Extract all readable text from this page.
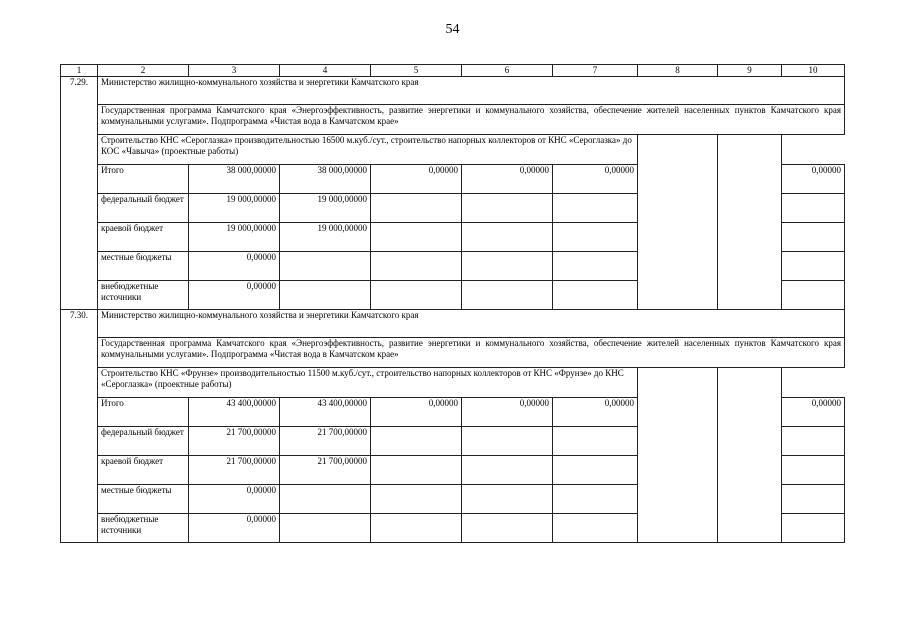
54
1	2	3	4	5	6	7	8	9	10
7.29.	Министерство жилищно-коммунального хозяйства и энергетики Камчатского края								
	Государственная программа Камчатского края «Энергоэффективность, развитие энергетики и коммунального хозяйства, обеспечение жителей населенных пунктов Камчатского края коммунальными услугами». Подпрограмма «Чистая вода в Камчатском крае»								
	Строительство КНС «Сероглазка» производительностью 16500 м.куб./сут., строительство напорных коллекторов от КНС «Сероглазка» до КОС «Чавыча» (проектные работы)								
	Итого	38 000,00000	38 000,00000	0,00000	0,00000	0,00000			0,00000
	федеральный бюджет	19 000,00000	19 000,00000						
	краевой бюджет	19 000,00000	19 000,00000						
	местные бюджеты	0,00000							
	внебюджетные источники	0,00000							
7.30.	Министерство жилищно-коммунального хозяйства и энергетики Камчатского края								
	Государственная программа Камчатского края «Энергоэффективность, развитие энергетики и коммунального хозяйства, обеспечение жителей населенных пунктов Камчатского края коммунальными услугами». Подпрограмма «Чистая вода в Камчатском крае»								
	Строительство КНС «Фрунзе» производительностью 11500 м.куб./сут., строительство напорных коллекторов от КНС «Фрунзе» до КНС «Сероглазка» (проектные работы)								
	Итого	43 400,00000	43 400,00000	0,00000	0,00000	0,00000			0,00000
	федеральный бюджет	21 700,00000	21 700,00000						
	краевой бюджет	21 700,00000	21 700,00000						
	местные бюджеты	0,00000							
	внебюджетные источники	0,00000							
